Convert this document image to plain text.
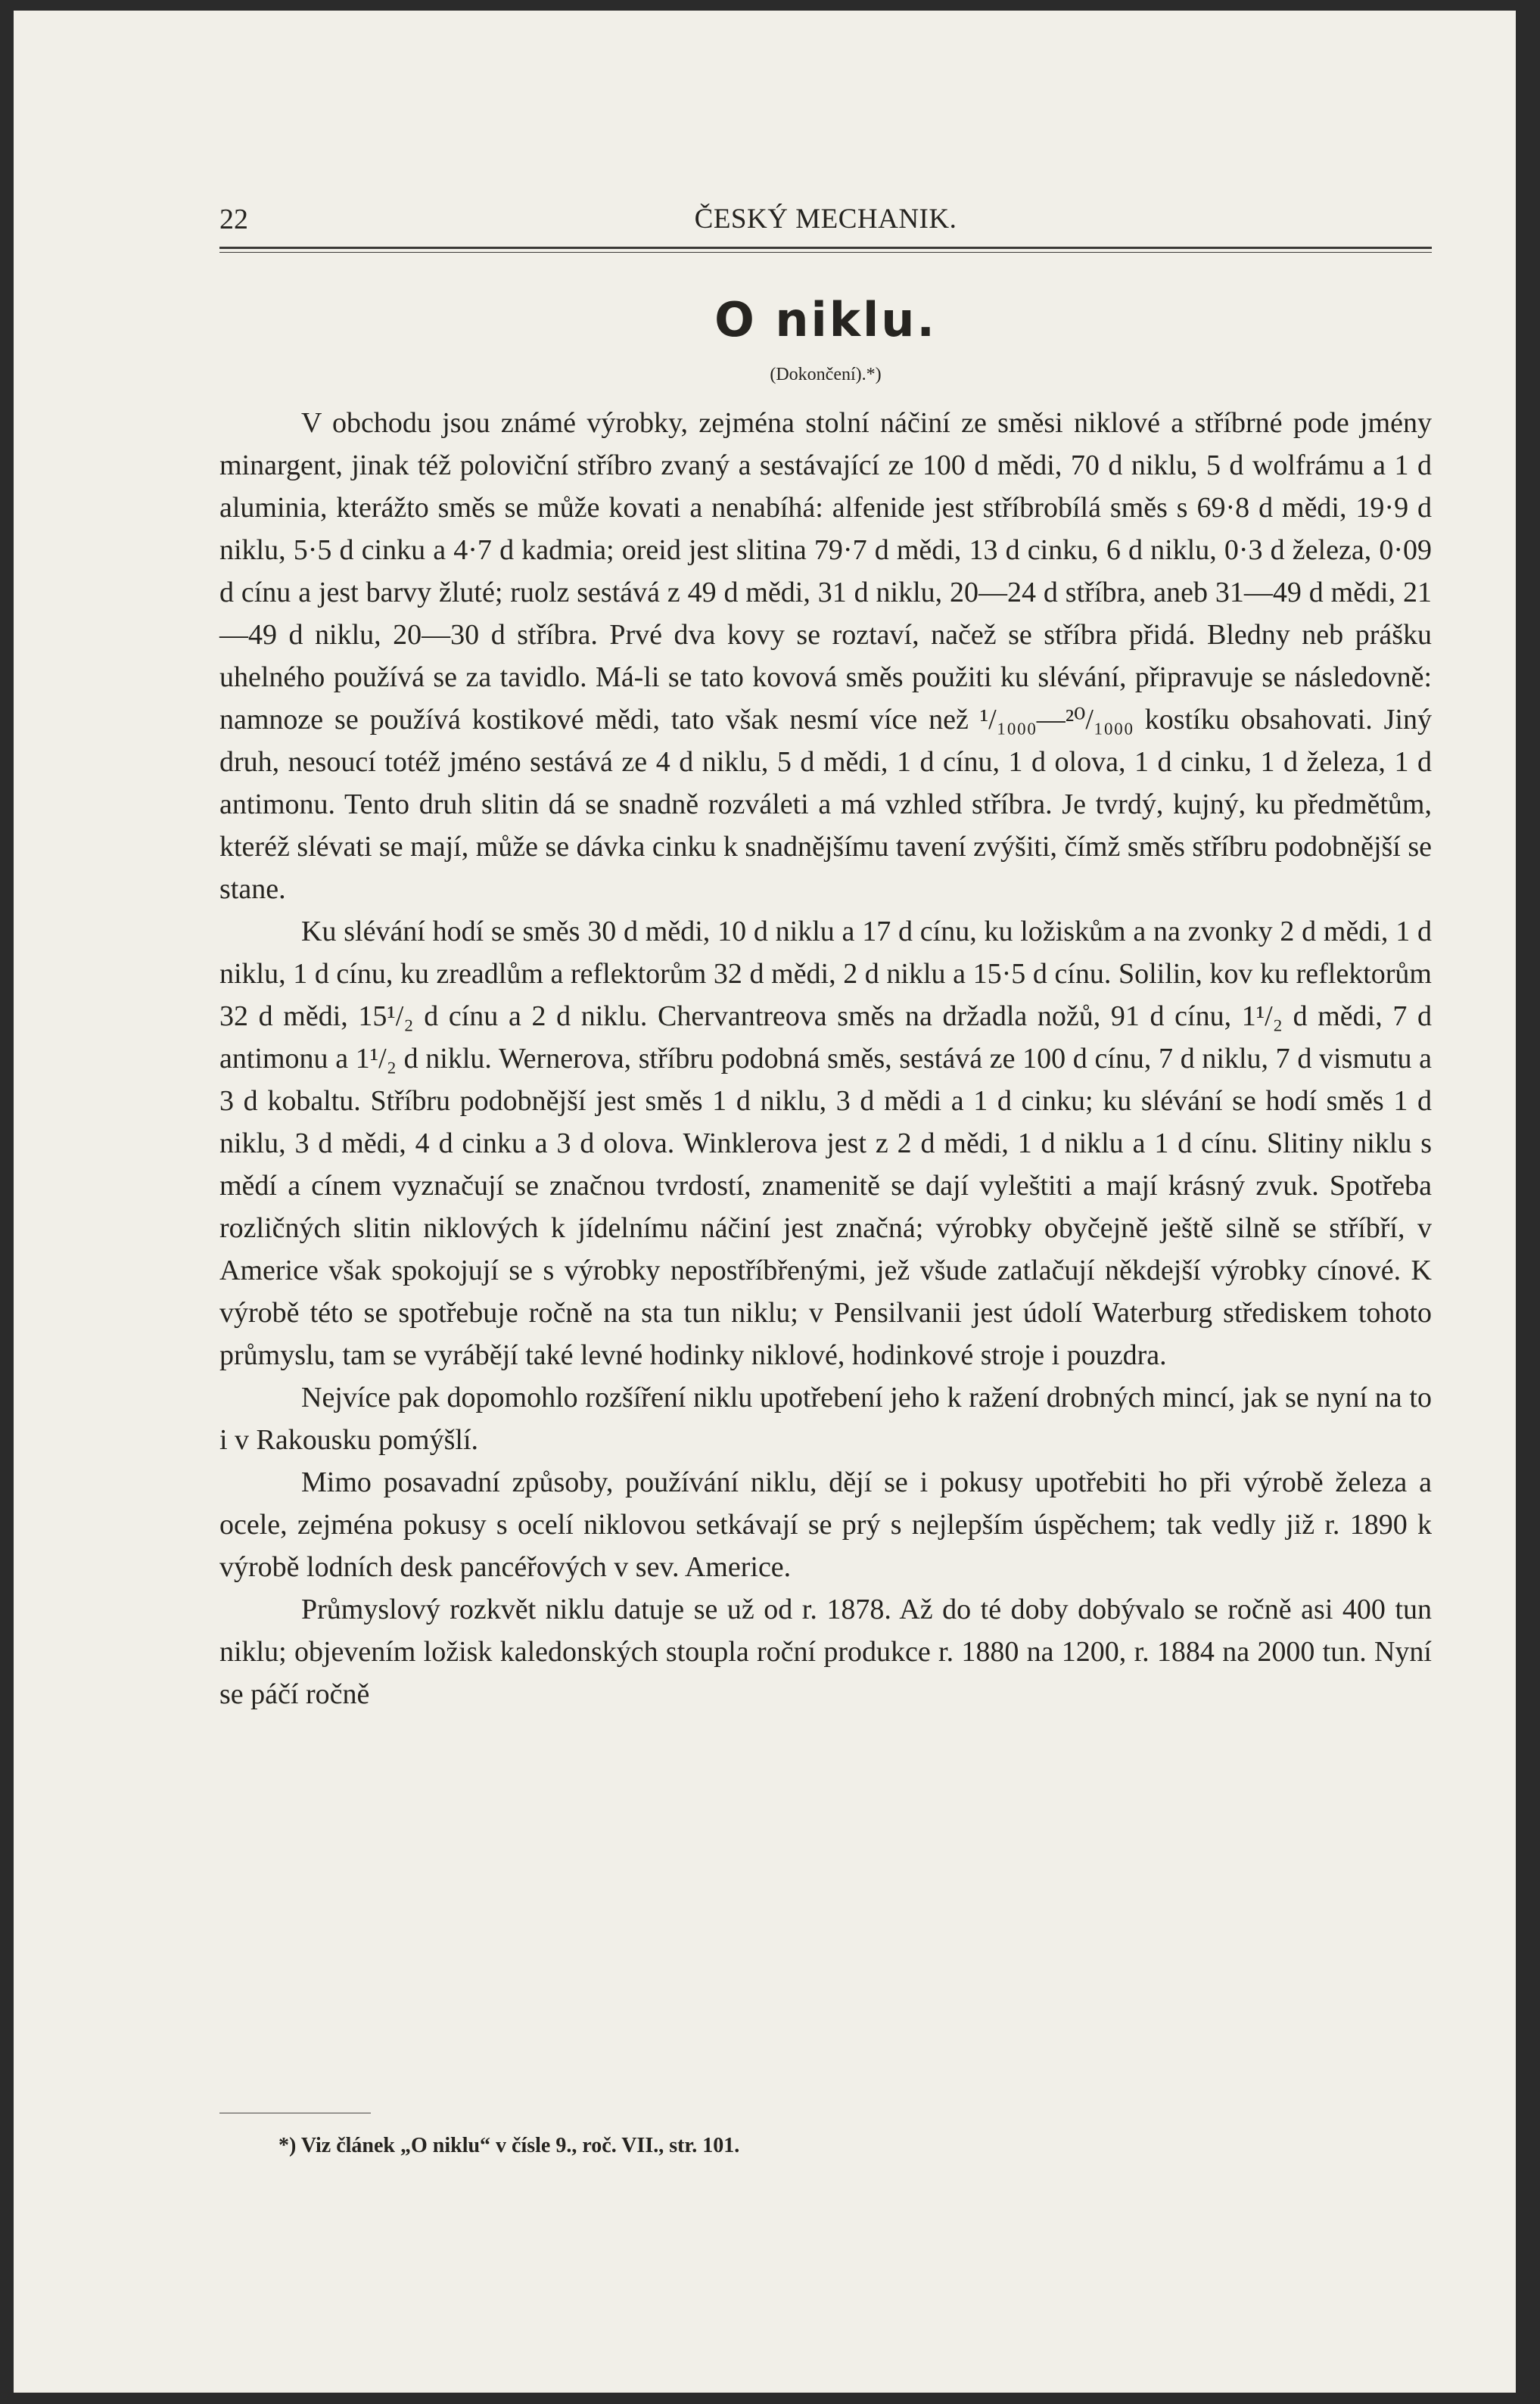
22	ČESKÝ MECHANIK.
O niklu.
(Dokončení).*)

V obchodu jsou známé výrobky, zejména stolní náčiní ze směsi niklové a stříbrné pode jmény minargent, jinak též poloviční stříbro zvaný a sestávající ze 100 d mědi, 70 d niklu, 5 d wolfrámu a 1 d aluminia, kterážto směs se může kovati a nenabíhá: alfenide jest stříbrobílá směs s 69·8 d mědi, 19·9 d niklu, 5·5 d cinku a 4·7 d kadmia; oreid jest slitina 79·7 d mědi, 13 d cinku, 6 d niklu, 0·3 d železa, 0·09 d cínu a jest barvy žluté; ruolz sestává z 49 d mědi, 31 d niklu, 20—24 d stříbra, aneb 31—49 d mědi, 21—49 d niklu, 20—30 d stříbra. Prvé dva kovy se roztaví, načež se stříbra přidá. Bledny neb prášku uhelného používá se za tavidlo. Má-li se tato kovová směs použiti ku slévání, připravuje se následovně: namnoze se používá kostikové mědi, tato však nesmí více než ¹/₁₀₀₀—²⁰/₁₀₀₀ kostíku obsahovati. Jiný druh, nesoucí totéž jméno sestává ze 4 d niklu, 5 d mědi, 1 d cínu, 1 d olova, 1 d cinku, 1 d železa, 1 d antimonu. Tento druh slitin dá se snadně rozváleti a má vzhled stříbra. Je tvrdý, kujný, ku předmětům, kteréž slévati se mají, může se dávka cinku k snadnějšímu tavení zvýšiti, čímž směs stříbru podobnější se stane.

Ku slévání hodí se směs 30 d mědi, 10 d niklu a 17 d cínu, ku ložiskům a na zvonky 2 d mědi, 1 d niklu, 1 d cínu, ku zreadlům a reflektorům 32 d mědi, 2 d niklu a 15·5 d cínu. Solilin, kov ku reflektorům 32 d mědi, 15¹/₂ d cínu a 2 d niklu. Chervantreova směs na držadla nožů, 91 d cínu, 1¹/₂ d mědi, 7 d antimonu a 1¹/₂ d niklu. Wernerova, stříbru podobná směs, sestává ze 100 d cínu, 7 d niklu, 7 d vismutu a 3 d kobaltu. Stříbru podobnější jest směs 1 d niklu, 3 d mědi a 1 d cinku; ku slévání se hodí směs 1 d niklu, 3 d mědi, 4 d cinku a 3 d olova. Winklerova jest z 2 d mědi, 1 d niklu a 1 d cínu. Slitiny niklu s mědí a cínem vyznačují se značnou tvrdostí, znamenitě se dají vyleštiti a mají krásný zvuk. Spotřeba rozličných slitin niklových k jídelnímu náčiní jest značná; výrobky obyčejně ještě silně se stříbří, v Americe však spokojují se s výrobky nepostříbřenými, jež všude zatlačují někdejší výrobky cínové. K výrobě této se spotřebuje ročně na sta tun niklu; v Pensilvanii jest údolí Waterburg střediskem tohoto průmyslu, tam se vyrábějí také levné hodinky niklové, hodinkové stroje i pouzdra.

Nejvíce pak dopomohlo rozšíření niklu upotřebení jeho k ražení drobných mincí, jak se nyní na to i v Rakousku pomýšlí.

Mimo posavadní způsoby, používání niklu, dějí se i pokusy upotřebiti ho při výrobě železa a ocele, zejména pokusy s ocelí niklovou setkávají se prý s nejlepším úspěchem; tak vedly již r. 1890 k výrobě lodních desk pancéřových v sev. Americe.

Průmyslový rozkvět niklu datuje se už od r. 1878. Až do té doby dobývalo se ročně asi 400 tun niklu; objevením ložisk kaledonských stoupla roční produkce r. 1880 na 1200, r. 1884 na 2000 tun. Nyní se páčí ročně

*) Viz článek „O niklu“ v čísle 9., roč. VII., str. 101.
